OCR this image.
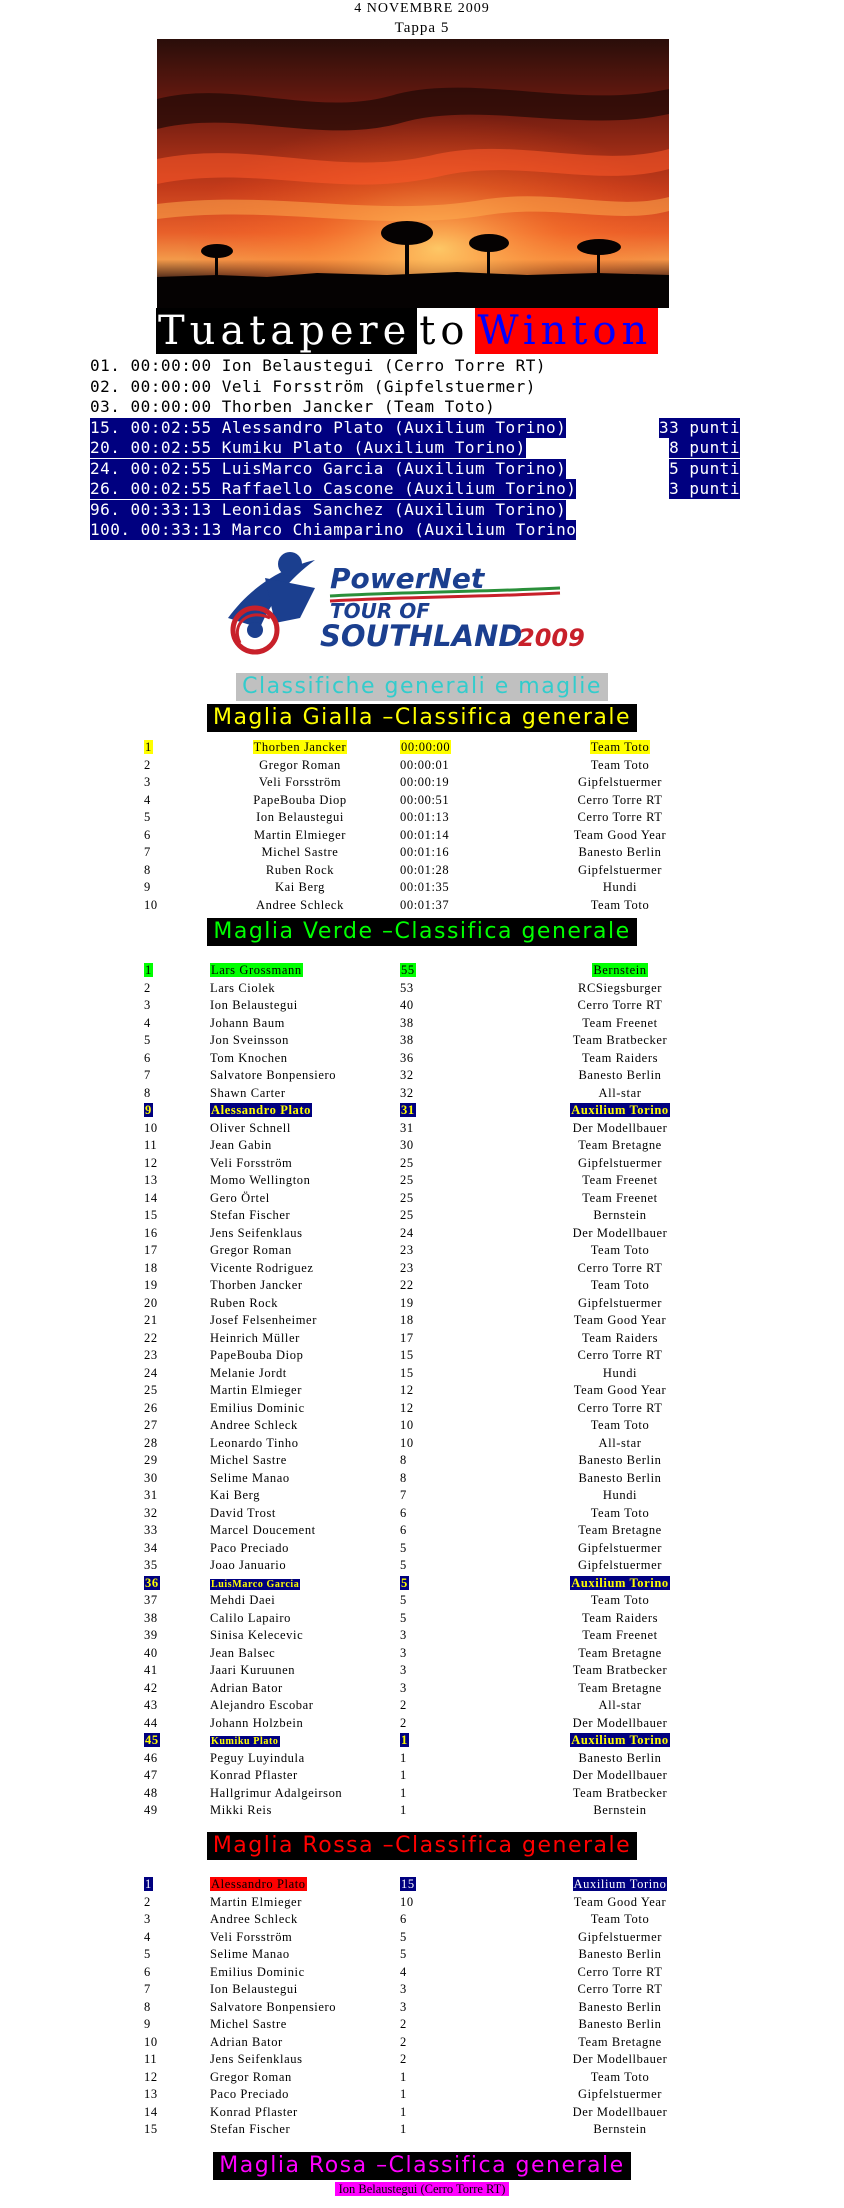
4 NOVEMBRE 2009
Tappa 5
Tuatapere to Winton
01. 00:00:00 Ion Belaustegui (Cerro Torre RT)
02. 00:00:00 Veli Forsström (Gipfelstuermer)
03. 00:00:00 Thorben Jancker (Team Toto)
15. 00:02:55 Alessandro Plato (Auxilium Torino)	33 punti
20. 00:02:55 Kumiku Plato (Auxilium Torino)	8 punti
24. 00:02:55 LuisMarco Garcia (Auxilium Torino)	5 punti
26. 00:02:55 Raffaello Cascone (Auxilium Torino)	3 punti
96. 00:33:13 Leonidas Sanchez (Auxilium Torino)
100. 00:33:13 Marco Chiamparino (Auxilium Torino
PowerNet
TOUR OF
SOUTHLAND
2009
Classifiche generali e maglie
Maglia Gialla –Classifica generale
1	Thorben Jancker	00:00:00	Team Toto
2	Gregor Roman	00:00:01	Team Toto
3	Veli Forsström	00:00:19	Gipfelstuermer
4	PapeBouba Diop	00:00:51	Cerro Torre RT
5	Ion Belaustegui	00:01:13	Cerro Torre RT
6	Martin Elmieger	00:01:14	Team Good Year
7	Michel Sastre	00:01:16	Banesto Berlin
8	Ruben Rock	00:01:28	Gipfelstuermer
9	Kai Berg	00:01:35	Hundi
10	Andree Schleck	00:01:37	Team Toto
Maglia Verde –Classifica generale
1	Lars Grossmann	55	Bernstein
2	Lars Ciolek	53	RCSiegsburger
3	Ion Belaustegui	40	Cerro Torre RT
4	Johann Baum	38	Team Freenet
5	Jon Sveinsson	38	Team Bratbecker
6	Tom Knochen	36	Team Raiders
7	Salvatore Bonpensiero	32	Banesto Berlin
8	Shawn Carter	32	All-star
9	Alessandro Plato	31	Auxilium Torino
10	Oliver Schnell	31	Der Modellbauer
11	Jean Gabin	30	Team Bretagne
12	Veli Forsström	25	Gipfelstuermer
13	Momo Wellington	25	Team Freenet
14	Gero Örtel	25	Team Freenet
15	Stefan Fischer	25	Bernstein
16	Jens Seifenklaus	24	Der Modellbauer
17	Gregor Roman	23	Team Toto
18	Vicente Rodriguez	23	Cerro Torre RT
19	Thorben Jancker	22	Team Toto
20	Ruben Rock	19	Gipfelstuermer
21	Josef Felsenheimer	18	Team Good Year
22	Heinrich Müller	17	Team Raiders
23	PapeBouba Diop	15	Cerro Torre RT
24	Melanie Jordt	15	Hundi
25	Martin Elmieger	12	Team Good Year
26	Emilius Dominic	12	Cerro Torre RT
27	Andree Schleck	10	Team Toto
28	Leonardo Tinho	10	All-star
29	Michel Sastre	8	Banesto Berlin
30	Selime Manao	8	Banesto Berlin
31	Kai Berg	7	Hundi
32	David Trost	6	Team Toto
33	Marcel Doucement	6	Team Bretagne
34	Paco Preciado	5	Gipfelstuermer
35	Joao Januario	5	Gipfelstuermer
36	LuisMarco Garcia	5	Auxilium Torino
37	Mehdi Daei	5	Team Toto
38	Calilo Lapairo	5	Team Raiders
39	Sinisa Kelecevic	3	Team Freenet
40	Jean Balsec	3	Team Bretagne
41	Jaari Kuruunen	3	Team Bratbecker
42	Adrian Bator	3	Team Bretagne
43	Alejandro Escobar	2	All-star
44	Johann Holzbein	2	Der Modellbauer
45	Kumiku Plato	1	Auxilium Torino
46	Peguy Luyindula	1	Banesto Berlin
47	Konrad Pflaster	1	Der Modellbauer
48	Hallgrimur Adalgeirson	1	Team Bratbecker
49	Mikki Reis	1	Bernstein
Maglia Rossa –Classifica generale
1	Alessandro Plato	15	Auxilium Torino
2	Martin Elmieger	10	Team Good Year
3	Andree Schleck	6	Team Toto
4	Veli Forsström	5	Gipfelstuermer
5	Selime Manao	5	Banesto Berlin
6	Emilius Dominic	4	Cerro Torre RT
7	Ion Belaustegui	3	Cerro Torre RT
8	Salvatore Bonpensiero	3	Banesto Berlin
9	Michel Sastre	2	Banesto Berlin
10	Adrian Bator	2	Team Bretagne
11	Jens Seifenklaus	2	Der Modellbauer
12	Gregor Roman	1	Team Toto
13	Paco Preciado	1	Gipfelstuermer
14	Konrad Pflaster	1	Der Modellbauer
15	Stefan Fischer	1	Bernstein
Maglia Rosa –Classifica generale
Ion Belaustegui (Cerro Torre RT)
